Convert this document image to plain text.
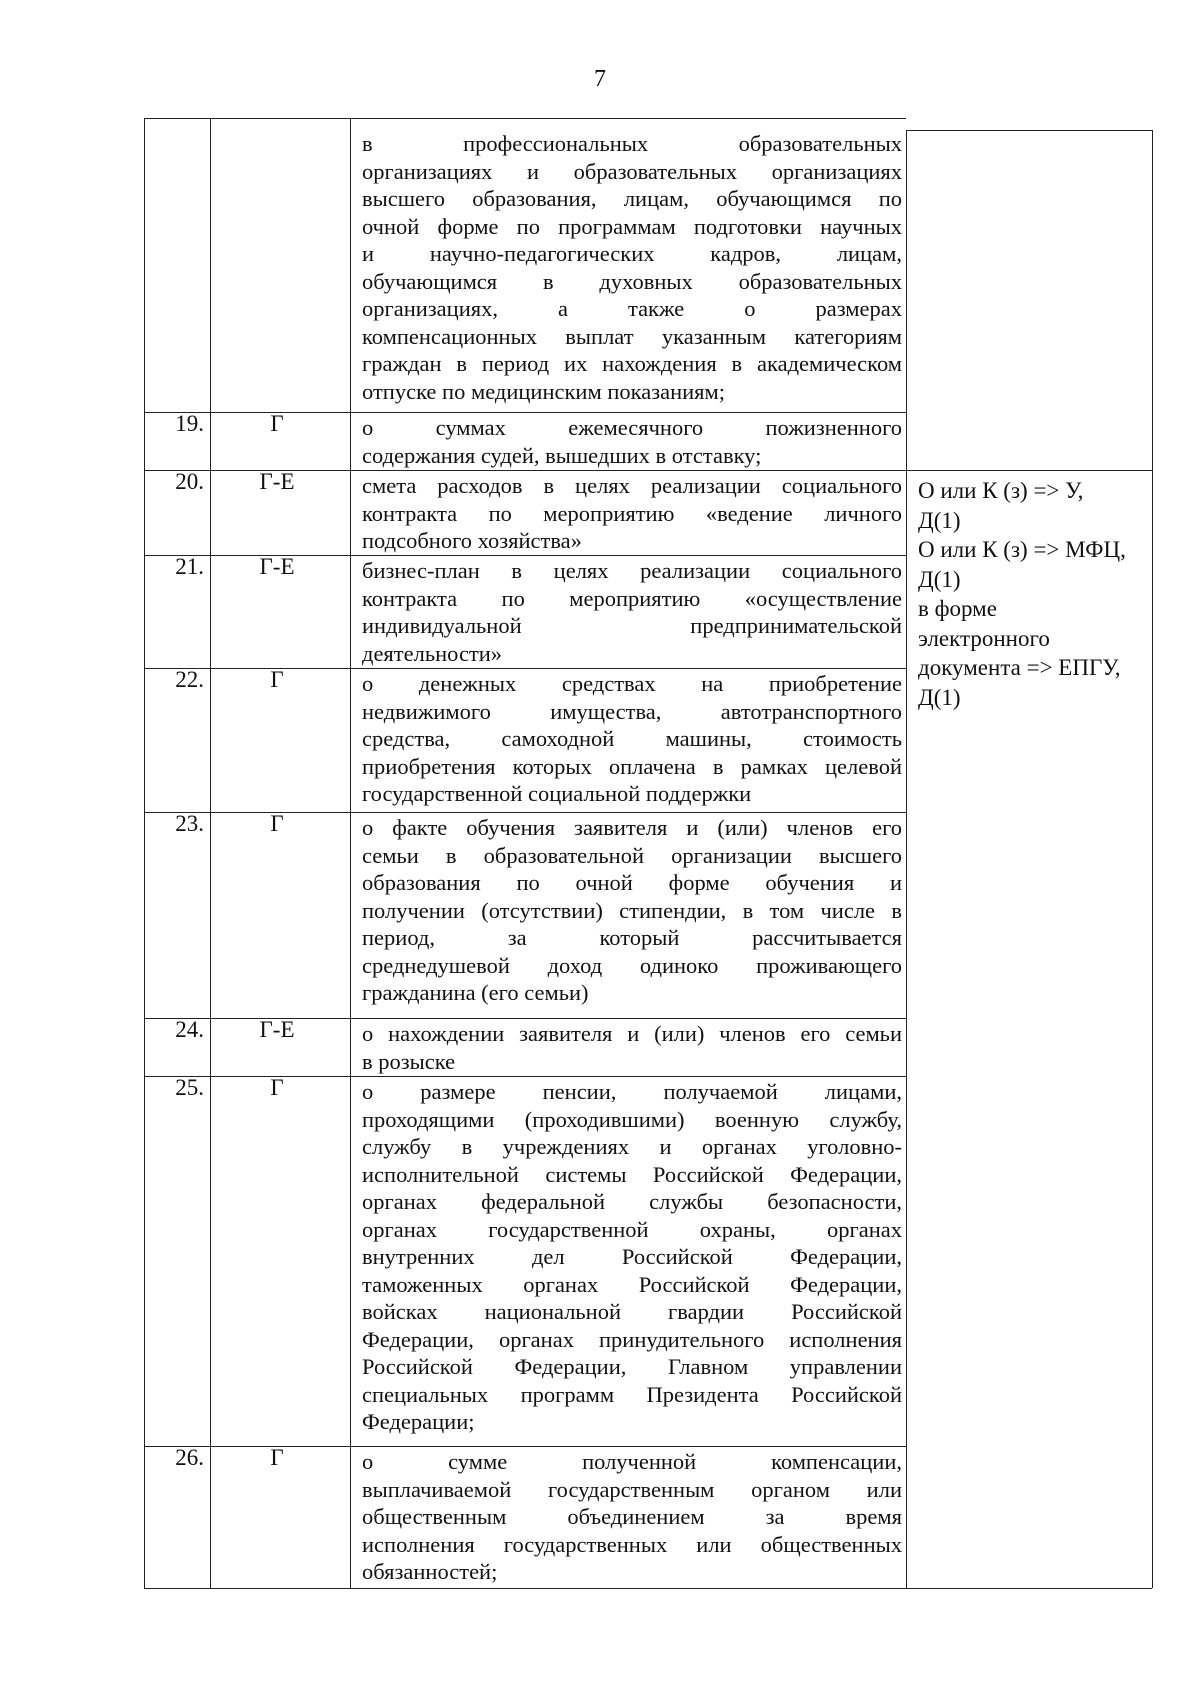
7
в профессиональных образовательных
организациях и образовательных организациях
высшего образования, лицам, обучающимся по
очной форме по программам подготовки научных
и научно-педагогических кадров, лицам,
обучающимся в духовных образовательных
организациях, а также о размерах
компенсационных выплат указанным категориям
граждан в период их нахождения в академическом
отпуске по медицинским показаниям;
19.	Г	о суммах ежемесячного пожизненного
содержания судей, вышедших в отставку;
20.	Г-Е	смета расходов в целях реализации социального
контракта по мероприятию «ведение личного
подсобного хозяйства»
21.	Г-Е	бизнес-план в целях реализации социального
контракта по мероприятию «осуществление
индивидуальной предпринимательской
деятельности»
22.	Г	о денежных средствах на приобретение
недвижимого имущества, автотранспортного
средства, самоходной машины, стоимость
приобретения которых оплачена в рамках целевой
государственной социальной поддержки
23.	Г	о факте обучения заявителя и (или) членов его
семьи в образовательной организации высшего
образования по очной форме обучения и
получении (отсутствии) стипендии, в том числе в
период, за который рассчитывается
среднедушевой доход одиноко проживающего
гражданина (его семьи)
24.	Г-Е	о нахождении заявителя и (или) членов его семьи
в розыске
25.	Г	о размере пенсии, получаемой лицами,
проходящими (проходившими) военную службу,
службу в учреждениях и органах уголовно-
исполнительной системы Российской Федерации,
органах федеральной службы безопасности,
органах государственной охраны, органах
внутренних дел Российской Федерации,
таможенных органах Российской Федерации,
войсках национальной гвардии Российской
Федерации, органах принудительного исполнения
Российской Федерации, Главном управлении
специальных программ Президента Российской
Федерации;
26.	Г	о сумме полученной компенсации,
выплачиваемой государственным органом или
общественным объединением за время
исполнения государственных или общественных
обязанностей;
О или К (з) => У,
Д(1)
О или К (з) => МФЦ,
Д(1)
в форме
электронного
документа => ЕПГУ,
Д(1)
